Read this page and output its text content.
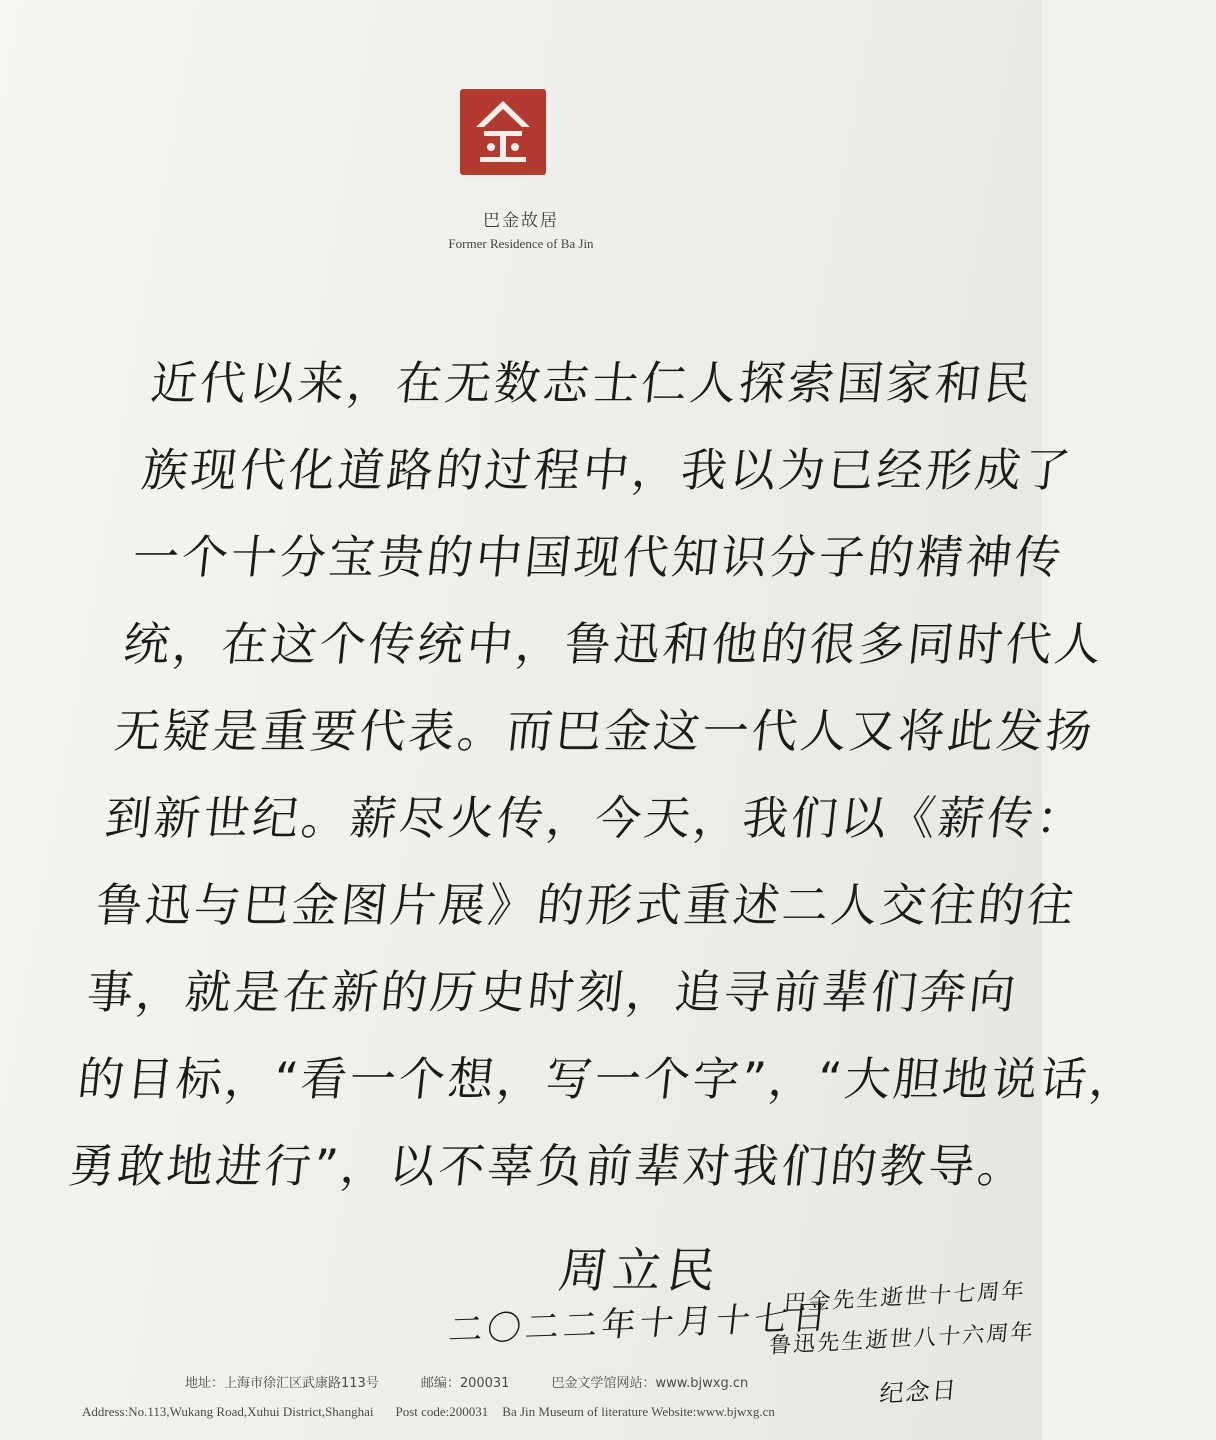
巴金故居
Former Residence of Ba Jin
近代以来，在无数志士仁人探索国家和民
族现代化道路的过程中，我以为已经形成了
一个十分宝贵的中国现代知识分子的精神传
统，在这个传统中，鲁迅和他的很多同时代人
无疑是重要代表。而巴金这一代人又将此发扬
到新世纪。薪尽火传，今天，我们以《薪传：
鲁迅与巴金图片展》的形式重述二人交往的往
事，就是在新的历史时刻，追寻前辈们奔向
的目标，“看一个想，写一个字”，“大胆地说话，
勇敢地进行”，以不辜负前辈对我们的教导。
周立民
二〇二二年十月十七日
巴金先生逝世十七周年
鲁迅先生逝世八十六周年
纪念日
地址：上海市徐汇区武康路113号	邮编：200031	巴金文学馆网站：www.bjwxg.cn
Address:No.113,Wukang Road,Xuhui District,Shanghai Post code:200031 Ba Jin Museum of literature Website:www.bjwxg.cn
